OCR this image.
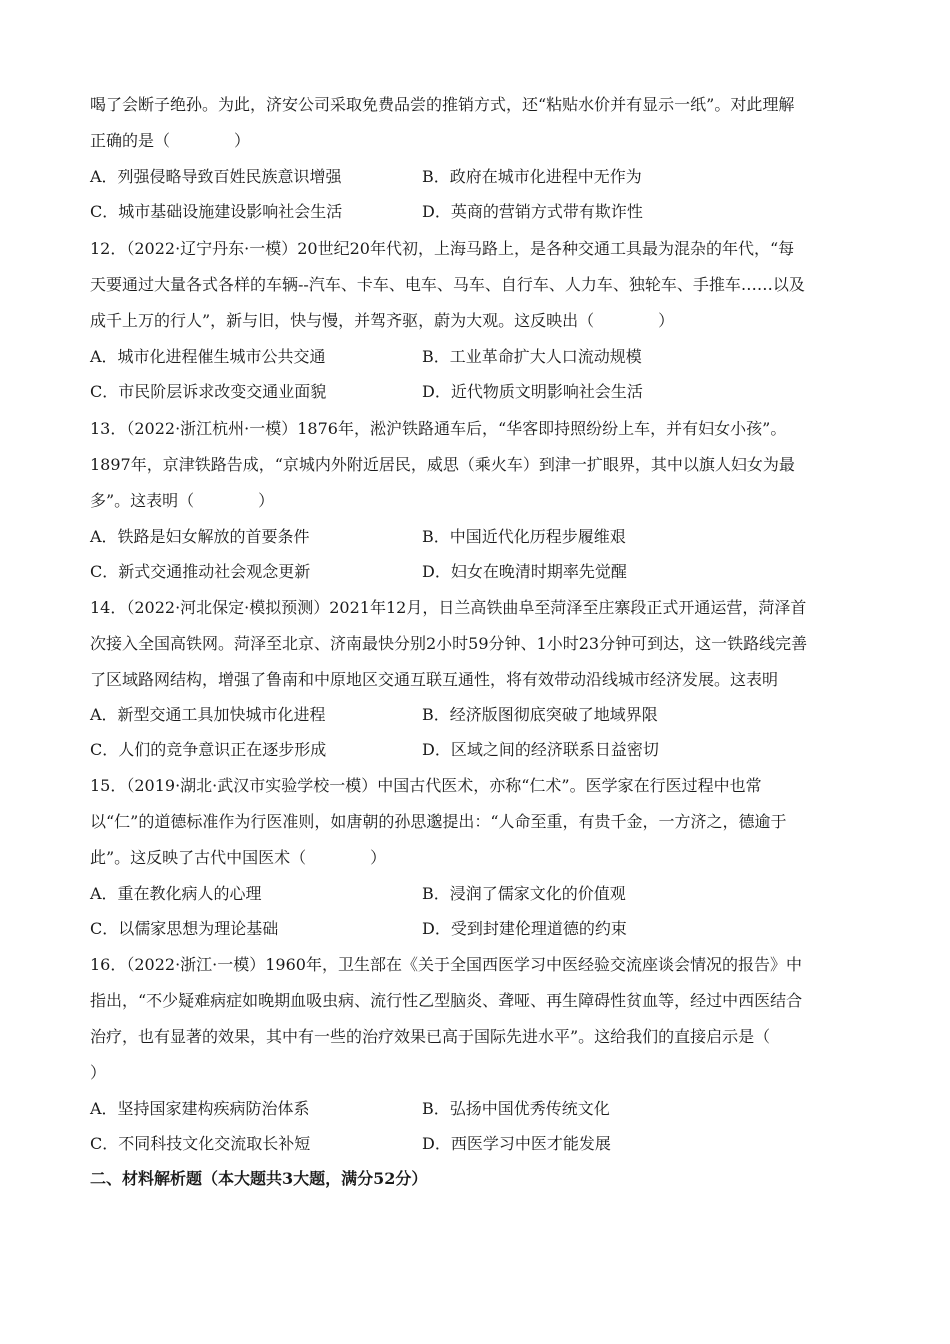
喝了会断子绝孙。为此，济安公司采取免费品尝的推销方式，还“粘贴水价并有显示一纸”。对此理解
正确的是（　　　　）
A．列强侵略导致百姓民族意识增强	B．政府在城市化进程中无作为
C．城市基础设施建设影响社会生活	D．英商的营销方式带有欺诈性
12．（2022·辽宁丹东·一模）20世纪20年代初，上海马路上，是各种交通工具最为混杂的年代，“每
天要通过大量各式各样的车辆--汽车、卡车、电车、马车、自行车、人力车、独轮车、手推车……以及
成千上万的行人”，新与旧，快与慢，并驾齐驱，蔚为大观。这反映出（　　　　）
A．城市化进程催生城市公共交通	B．工业革命扩大人口流动规模
C．市民阶层诉求改变交通业面貌	D．近代物质文明影响社会生活
13．（2022·浙江杭州·一模）1876年，淞沪铁路通车后，“华客即持照纷纷上车，并有妇女小孩”。
1897年，京津铁路告成，“京城内外附近居民，威思（乘火车）到津一扩眼界，其中以旗人妇女为最
多”。这表明（　　　　）
A．铁路是妇女解放的首要条件	B．中国近代化历程步履维艰
C．新式交通推动社会观念更新	D．妇女在晚清时期率先觉醒
14．（2022·河北保定·模拟预测）2021年12月，日兰高铁曲阜至菏泽至庄寨段正式开通运营，菏泽首
次接入全国高铁网。菏泽至北京、济南最快分别2小时59分钟、1小时23分钟可到达，这一铁路线完善
了区域路网结构，增强了鲁南和中原地区交通互联互通性，将有效带动沿线城市经济发展。这表明
A．新型交通工具加快城市化进程	B．经济版图彻底突破了地域界限
C．人们的竞争意识正在逐步形成	D．区域之间的经济联系日益密切
15．（2019·湖北·武汉市实验学校一模）中国古代医术，亦称“仁术”。医学家在行医过程中也常
以“仁”的道德标准作为行医准则，如唐朝的孙思邈提出：“人命至重，有贵千金，一方济之，德逾于
此”。这反映了古代中国医术（　　　　）
A．重在教化病人的心理	B．浸润了儒家文化的价值观
C．以儒家思想为理论基础	D．受到封建伦理道德的约束
16．（2022·浙江·一模）1960年，卫生部在《关于全国西医学习中医经验交流座谈会情况的报告》中
指出，“不少疑难病症如晚期血吸虫病、流行性乙型脑炎、聋哑、再生障碍性贫血等，经过中西医结合
治疗，也有显著的效果，其中有一些的治疗效果已高于国际先进水平”。这给我们的直接启示是（
）
A．坚持国家建构疾病防治体系	B．弘扬中国优秀传统文化
C．不同科技文化交流取长补短	D．西医学习中医才能发展
二、材料解析题（本大题共3大题，满分52分）
